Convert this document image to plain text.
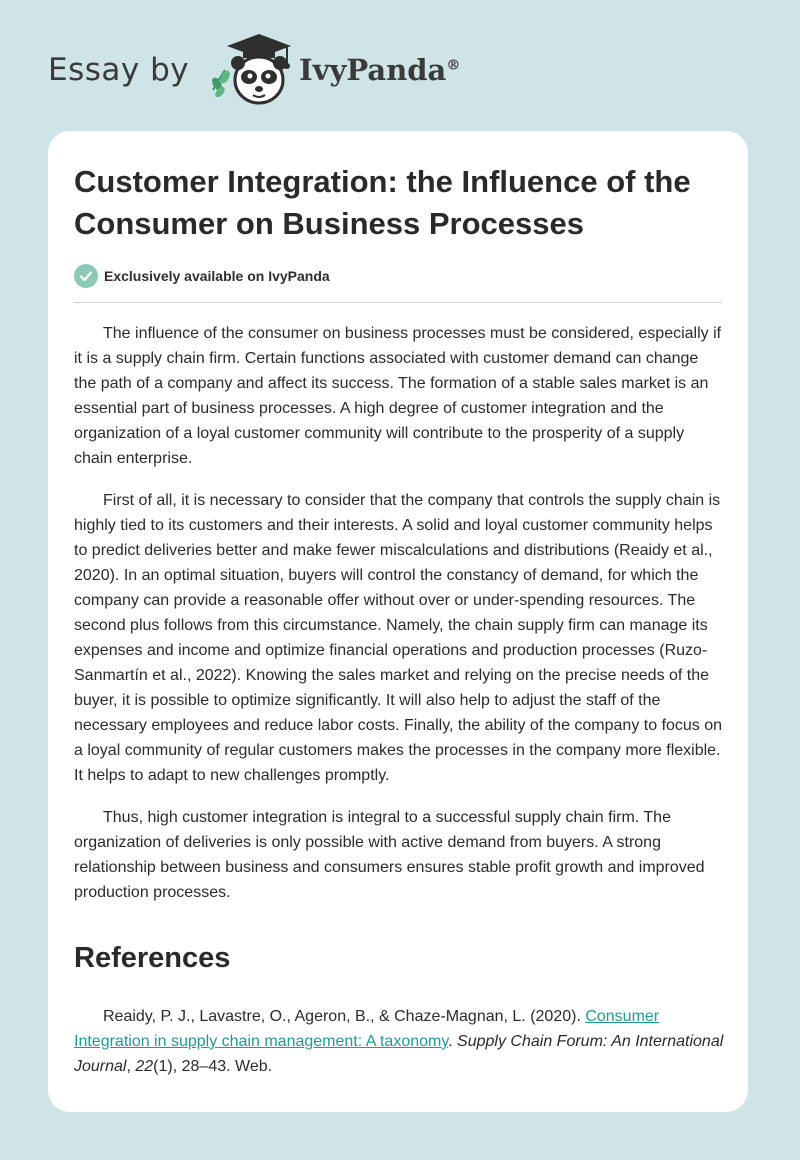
Essay by	IvyPanda®
Customer Integration: the Influence of the Consumer on Business Processes
Exclusively available on IvyPanda

The influence of the consumer on business processes must be considered, especially if it is a supply chain firm. Certain functions associated with customer demand can change the path of a company and affect its success. The formation of a stable sales market is an essential part of business processes. A high degree of customer integration and the organization of a loyal customer community will contribute to the prosperity of a supply chain enterprise.

First of all, it is necessary to consider that the company that controls the supply chain is highly tied to its customers and their interests. A solid and loyal customer community helps to predict deliveries better and make fewer miscalculations and distributions (Reaidy et al., 2020). In an optimal situation, buyers will control the constancy of demand, for which the company can provide a reasonable offer without over or under-spending resources. The second plus follows from this circumstance. Namely, the chain supply firm can manage its expenses and income and optimize financial operations and production processes (Ruzo-Sanmartín et al., 2022). Knowing the sales market and relying on the precise needs of the buyer, it is possible to optimize significantly. It will also help to adjust the staff of the necessary employees and reduce labor costs. Finally, the ability of the company to focus on a loyal community of regular customers makes the processes in the company more flexible. It helps to adapt to new challenges promptly.

Thus, high customer integration is integral to a successful supply chain firm. The organization of deliveries is only possible with active demand from buyers. A strong relationship between business and consumers ensures stable profit growth and improved production processes.

References

Reaidy, P. J., Lavastre, O., Ageron, B., & Chaze-Magnan, L. (2020). Consumer Integration in supply chain management: A taxonomy. Supply Chain Forum: An International Journal, 22(1), 28–43. Web.
